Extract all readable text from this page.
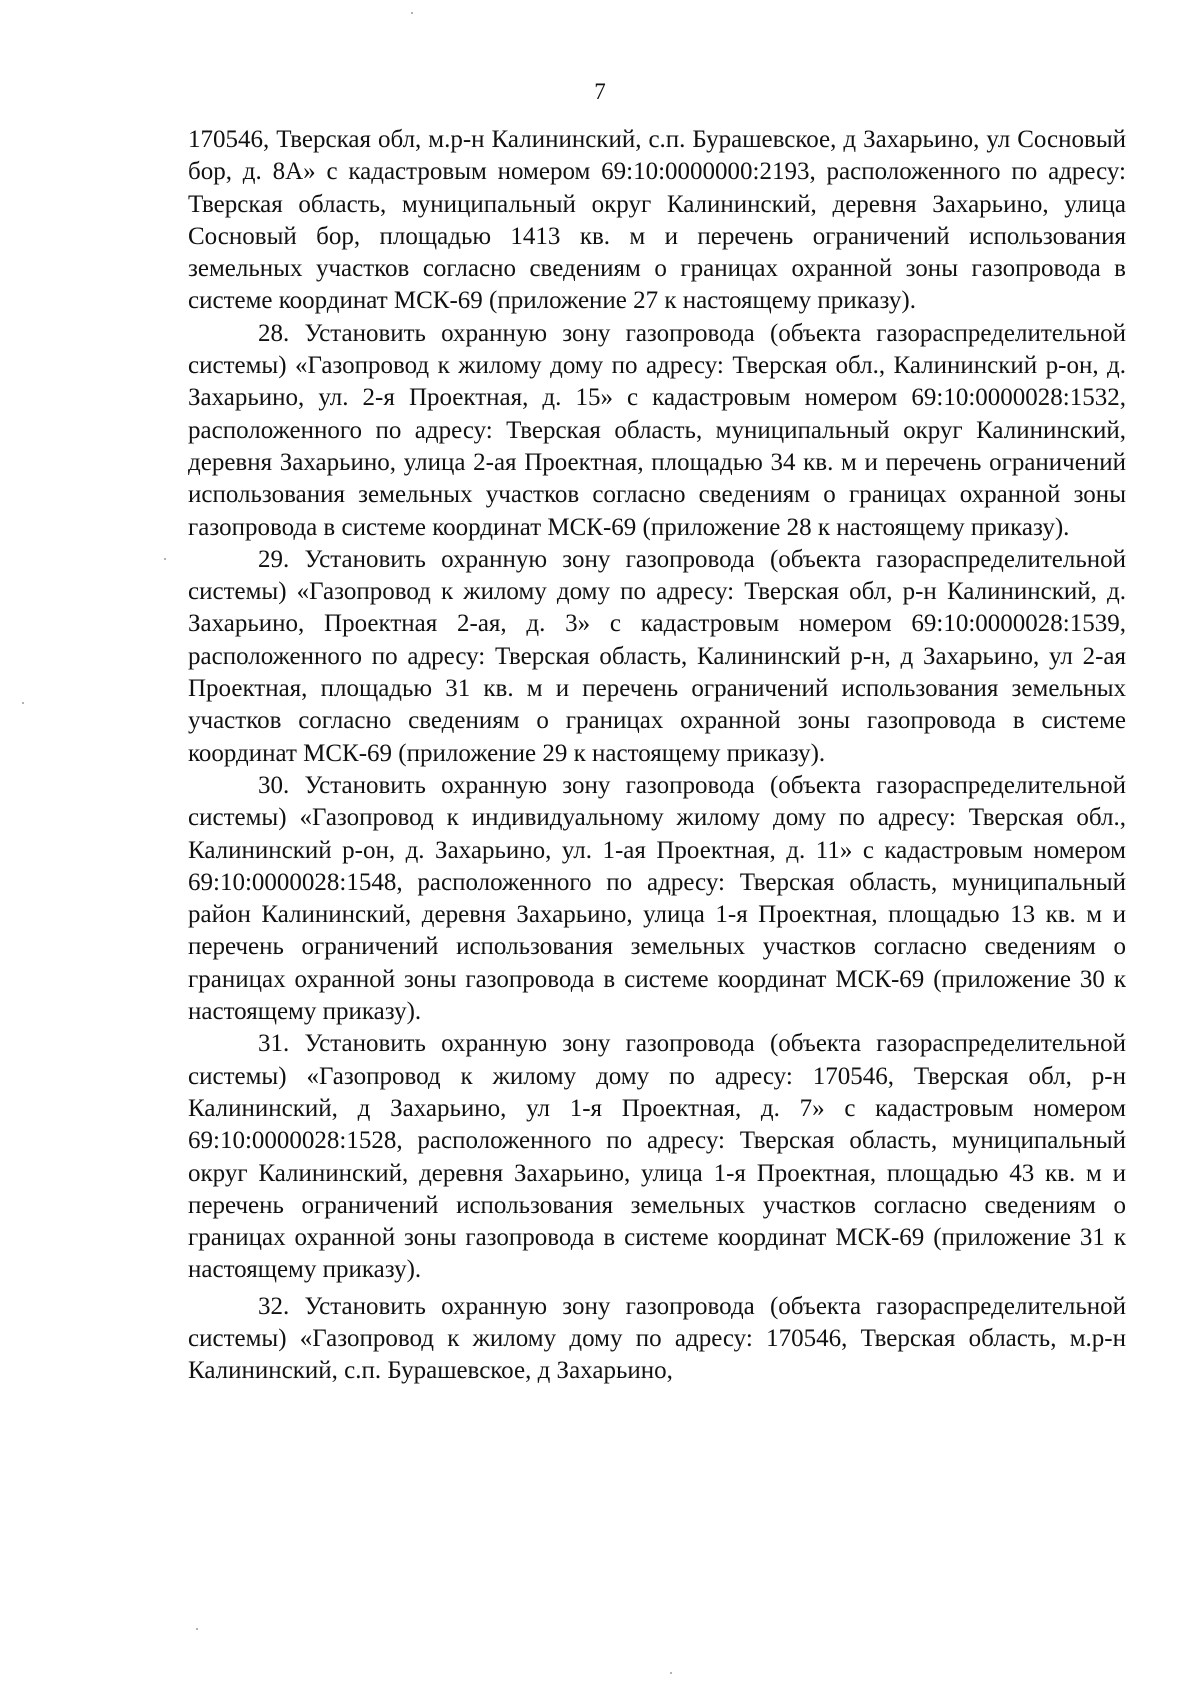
7

170546, Тверская обл, м.р-н Калининский, с.п. Бурашевское, д Захарьино, ул Сосновый бор, д. 8А» с кадастровым номером 69:10:0000000:2193, расположенного по адресу: Тверская область, муниципальный округ Калининский, деревня Захарьино, улица Сосновый бор, площадью 1413 кв. м и перечень ограничений использования земельных участков согласно сведениям о границах охранной зоны газопровода в системе координат МСК-69 (приложение 27 к настоящему приказу).

28. Установить охранную зону газопровода (объекта газораспределительной системы) «Газопровод к жилому дому по адресу: Тверская обл., Калининский р-он, д. Захарьино, ул. 2-я Проектная, д. 15» с кадастровым номером 69:10:0000028:1532, расположенного по адресу: Тверская область, муниципальный округ Калининский, деревня Захарьино, улица 2-ая Проектная, площадью 34 кв. м и перечень ограничений использования земельных участков согласно сведениям о границах охранной зоны газопровода в системе координат МСК-69 (приложение 28 к настоящему приказу).

29. Установить охранную зону газопровода (объекта газораспределительной системы) «Газопровод к жилому дому по адресу: Тверская обл, р-н Калининский, д. Захарьино, Проектная 2-ая, д. 3» с кадастровым номером 69:10:0000028:1539, расположенного по адресу: Тверская область, Калининский р-н, д Захарьино, ул 2-ая Проектная, площадью 31 кв. м и перечень ограничений использования земельных участков согласно сведениям о границах охранной зоны газопровода в системе координат МСК-69 (приложение 29 к настоящему приказу).

30. Установить охранную зону газопровода (объекта газораспределительной системы) «Газопровод к индивидуальному жилому дому по адресу: Тверская обл., Калининский р-он, д. Захарьино, ул. 1-ая Проектная, д. 11» с кадастровым номером 69:10:0000028:1548, расположенного по адресу: Тверская область, муниципальный район Калининский, деревня Захарьино, улица 1-я Проектная, площадью 13 кв. м и перечень ограничений использования земельных участков согласно сведениям о границах охранной зоны газопровода в системе координат МСК-69 (приложение 30 к настоящему приказу).

31. Установить охранную зону газопровода (объекта газораспределительной системы) «Газопровод к жилому дому по адресу: 170546, Тверская обл, р-н Калининский, д Захарьино, ул 1-я Проектная, д. 7» с кадастровым номером 69:10:0000028:1528, расположенного по адресу: Тверская область, муниципальный округ Калининский, деревня Захарьино, улица 1-я Проектная, площадью 43 кв. м и перечень ограничений использования земельных участков согласно сведениям о границах охранной зоны газопровода в системе координат МСК-69 (приложение 31 к настоящему приказу).

32. Установить охранную зону газопровода (объекта газораспределительной системы) «Газопровод к жилому дому по адресу: 170546, Тверская область, м.р-н Калининский, с.п. Бурашевское, д Захарьино,
